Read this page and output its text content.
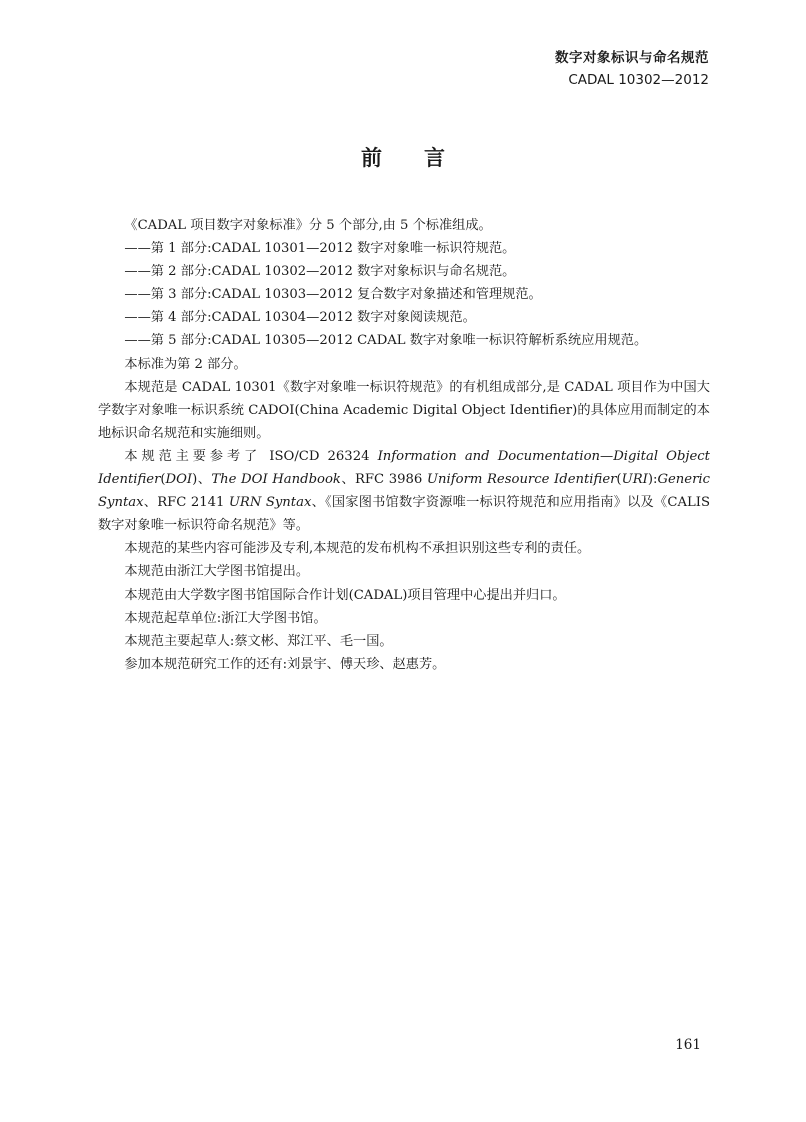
数字对象标识与命名规范
CADAL 10302—2012
前言

《CADAL 项目数字对象标准》分 5 个部分,由 5 个标准组成。

——第 1 部分:CADAL 10301—2012 数字对象唯一标识符规范。

——第 2 部分:CADAL 10302—2012 数字对象标识与命名规范。

——第 3 部分:CADAL 10303—2012 复合数字对象描述和管理规范。

——第 4 部分:CADAL 10304—2012 数字对象阅读规范。

——第 5 部分:CADAL 10305—2012 CADAL 数字对象唯一标识符解析系统应用规范。

本标准为第 2 部分。

本规范是 CADAL 10301《数字对象唯一标识符规范》的有机组成部分,是 CADAL 项目作为中国大学数字对象唯一标识系统 CADOI(China Academic Digital Object Identifier)的具体应用而制定的本地标识命名规范和实施细则。

本规范主要参考了 ISO/CD 26324 Information and Documentation—Digital Object Identifier(DOI)、The DOI Handbook、RFC 3986 Uniform Resource Identifier(URI):Generic Syntax、RFC 2141 URN Syntax、《国家图书馆数字资源唯一标识符规范和应用指南》以及《CALIS 数字对象唯一标识符命名规范》等。

本规范的某些内容可能涉及专利,本规范的发布机构不承担识别这些专利的责任。

本规范由浙江大学图书馆提出。

本规范由大学数字图书馆国际合作计划(CADAL)项目管理中心提出并归口。

本规范起草单位:浙江大学图书馆。

本规范主要起草人:蔡文彬、郑江平、毛一国。

参加本规范研究工作的还有:刘景宇、傅天珍、赵惠芳。

161
